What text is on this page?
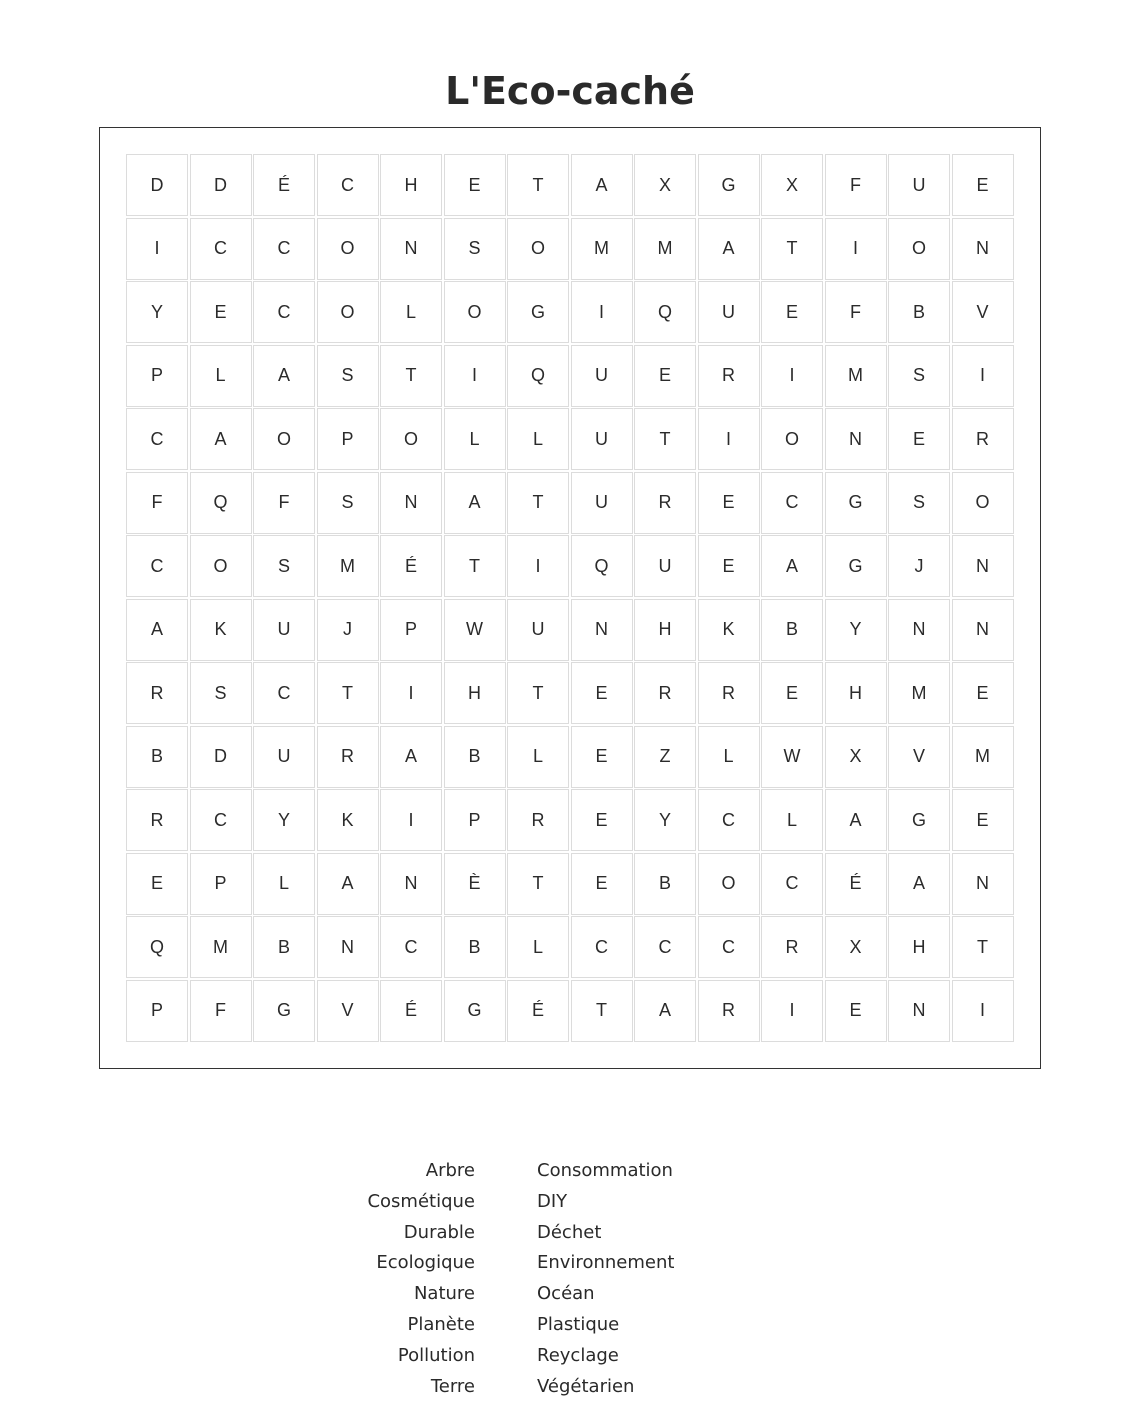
L'Eco-caché
D	D	É	C	H	E	T	A	X	G	X	F	U	E
I	C	C	O	N	S	O	M	M	A	T	I	O	N
Y	E	C	O	L	O	G	I	Q	U	E	F	B	V
P	L	A	S	T	I	Q	U	E	R	I	M	S	I
C	A	O	P	O	L	L	U	T	I	O	N	E	R
F	Q	F	S	N	A	T	U	R	E	C	G	S	O
C	O	S	M	É	T	I	Q	U	E	A	G	J	N
A	K	U	J	P	W	U	N	H	K	B	Y	N	N
R	S	C	T	I	H	T	E	R	R	E	H	M	E
B	D	U	R	A	B	L	E	Z	L	W	X	V	M
R	C	Y	K	I	P	R	E	Y	C	L	A	G	E
E	P	L	A	N	È	T	E	B	O	C	É	A	N
Q	M	B	N	C	B	L	C	C	C	R	X	H	T
P	F	G	V	É	G	É	T	A	R	I	E	N	I
Arbre
Cosmétique
Durable
Ecologique
Nature
Planète
Pollution
Terre
Consommation
DIY
Déchet
Environnement
Océan
Plastique
Reyclage
Végétarien
